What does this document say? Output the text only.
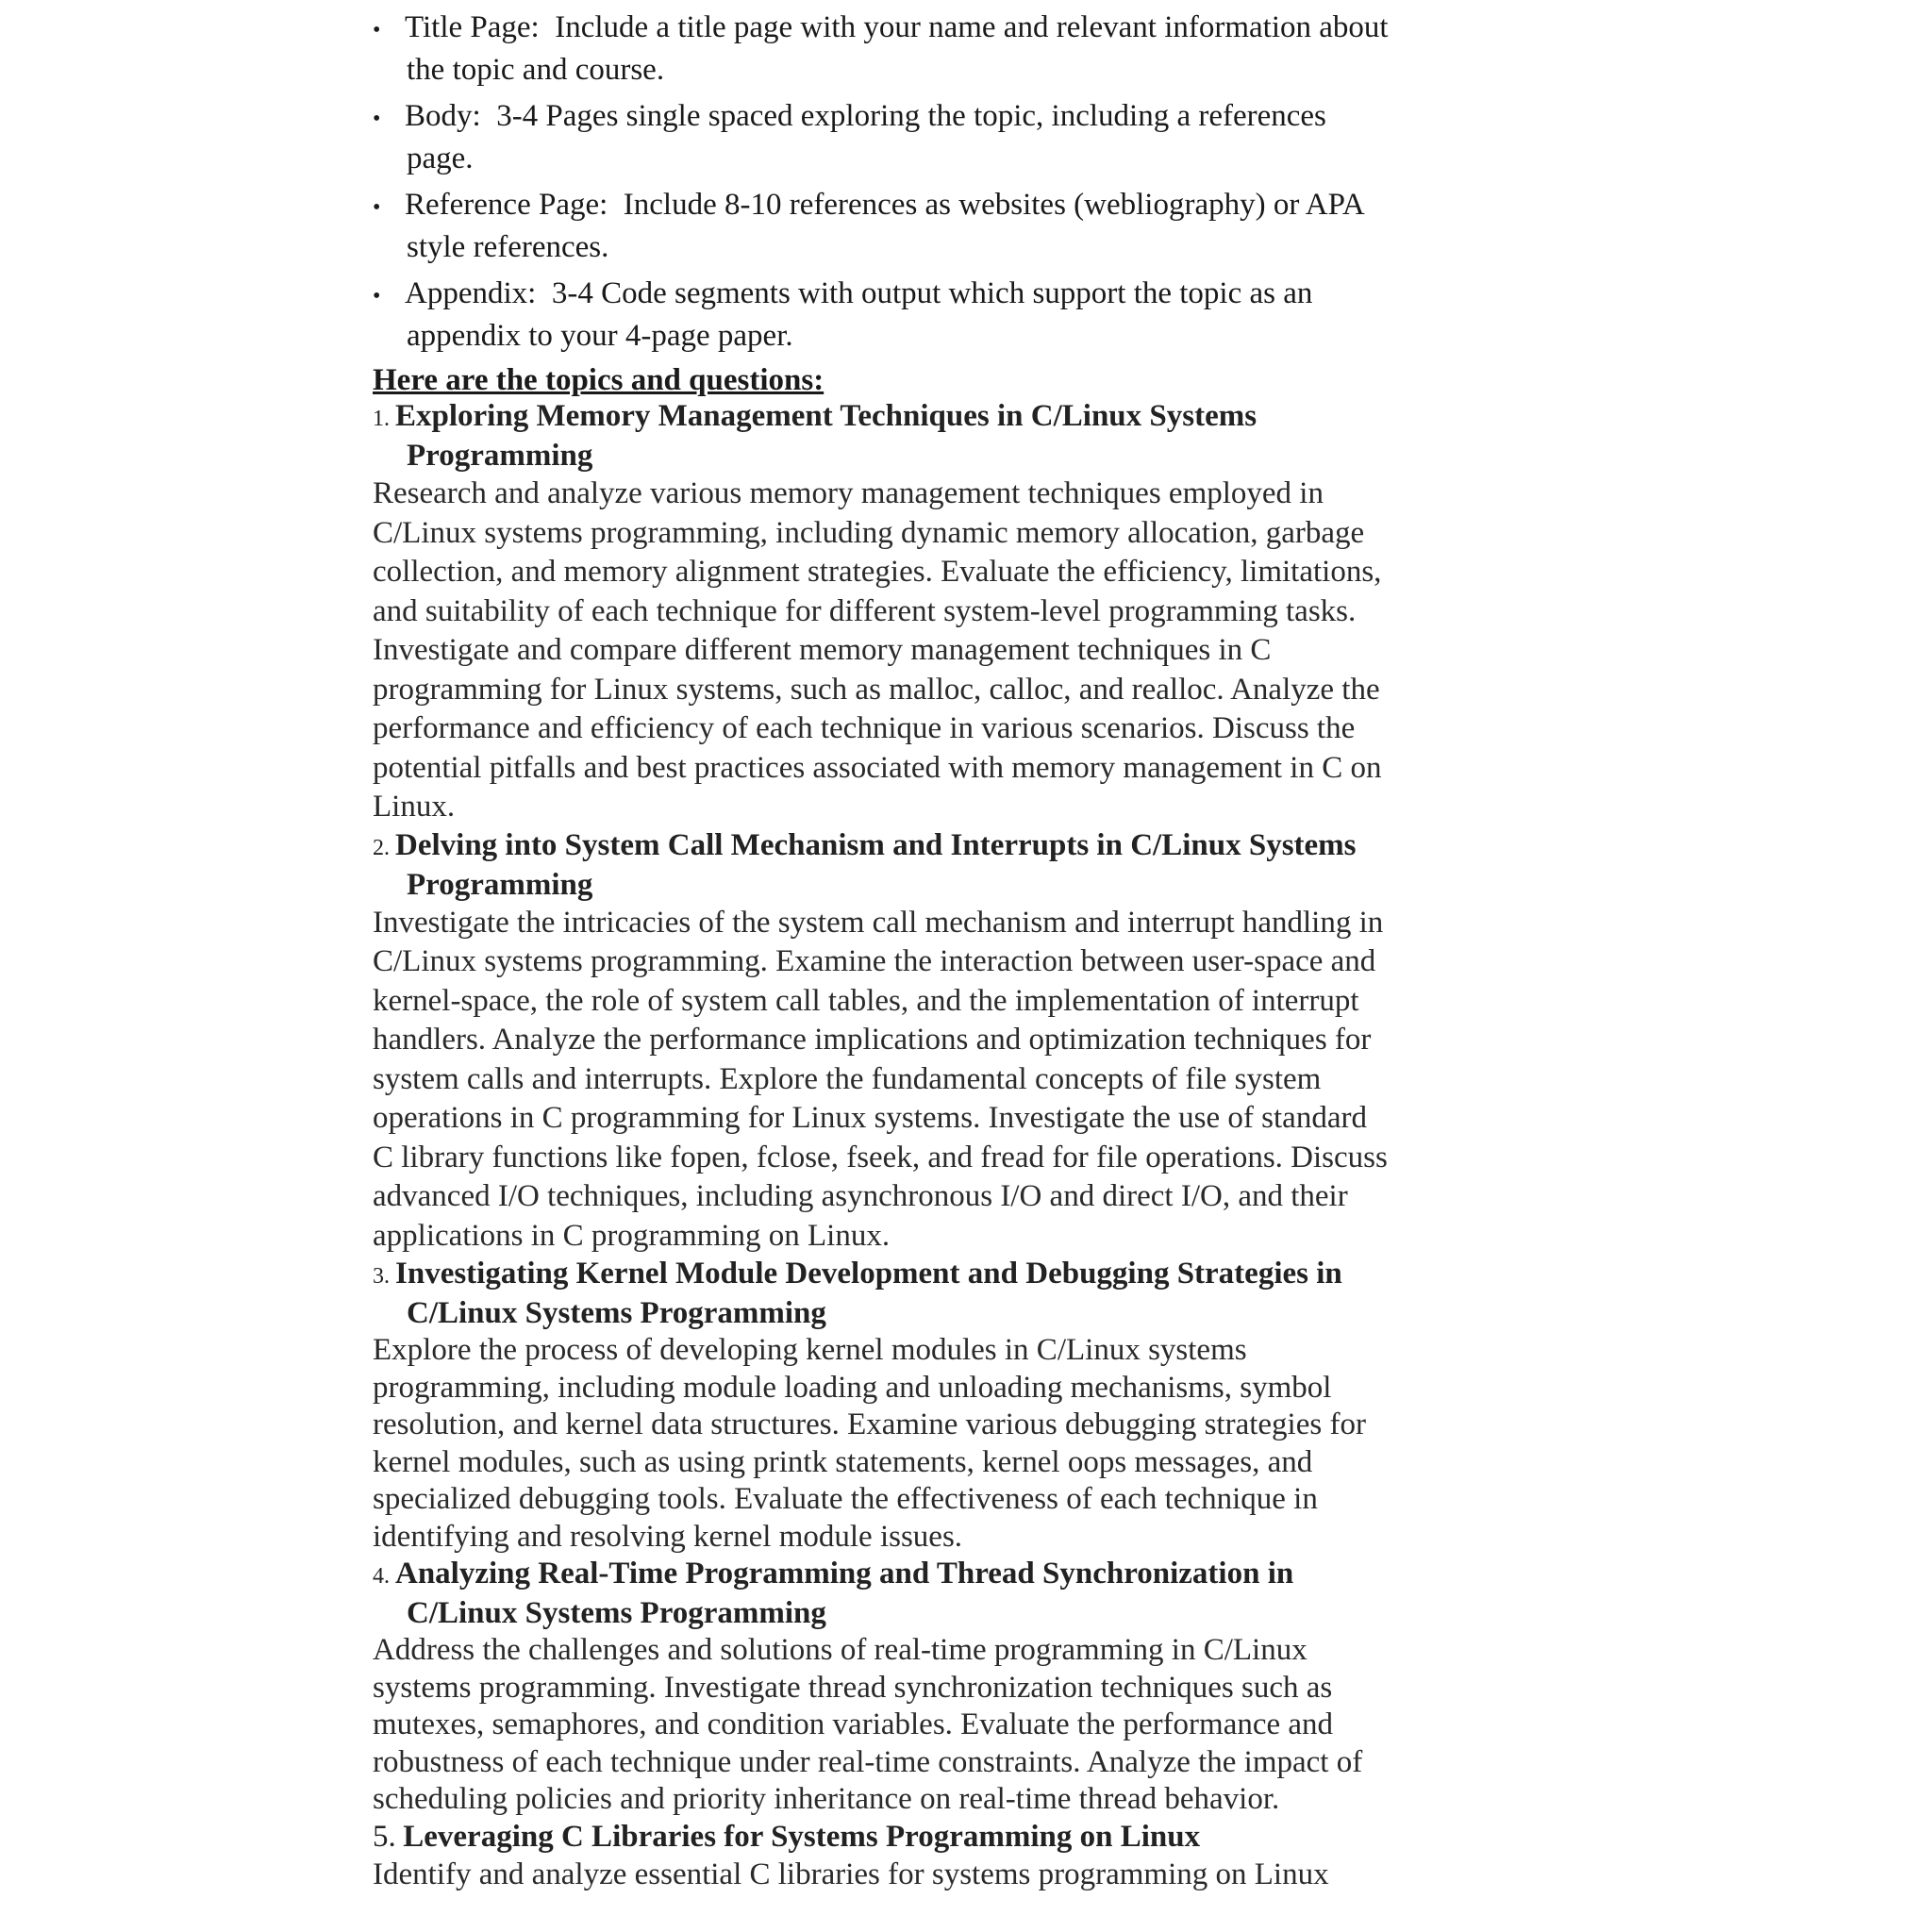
• Title Page: Include a title page with your name and relevant information about the topic and course.

• Body: 3-4 Pages single spaced exploring the topic, including a references page.

• Reference Page: Include 8-10 references as websites (webliography) or APA style references.

• Appendix: 3-4 Code segments with output which support the topic as an appendix to your 4-page paper.

Here are the topics and questions:

1. Exploring Memory Management Techniques in C/Linux Systems Programming

Research and analyze various memory management techniques employed in C/Linux systems programming, including dynamic memory allocation, garbage collection, and memory alignment strategies. Evaluate the efficiency, limitations, and suitability of each technique for different system-level programming tasks. Investigate and compare different memory management techniques in C programming for Linux systems, such as malloc, calloc, and realloc. Analyze the performance and efficiency of each technique in various scenarios. Discuss the potential pitfalls and best practices associated with memory management in C on Linux.

2. Delving into System Call Mechanism and Interrupts in C/Linux Systems Programming

Investigate the intricacies of the system call mechanism and interrupt handling in C/Linux systems programming. Examine the interaction between user-space and kernel-space, the role of system call tables, and the implementation of interrupt handlers. Analyze the performance implications and optimization techniques for system calls and interrupts. Explore the fundamental concepts of file system operations in C programming for Linux systems. Investigate the use of standard C library functions like fopen, fclose, fseek, and fread for file operations. Discuss advanced I/O techniques, including asynchronous I/O and direct I/O, and their applications in C programming on Linux.

3. Investigating Kernel Module Development and Debugging Strategies in C/Linux Systems Programming

Explore the process of developing kernel modules in C/Linux systems programming, including module loading and unloading mechanisms, symbol resolution, and kernel data structures. Examine various debugging strategies for kernel modules, such as using printk statements, kernel oops messages, and specialized debugging tools. Evaluate the effectiveness of each technique in identifying and resolving kernel module issues.

4. Analyzing Real-Time Programming and Thread Synchronization in C/Linux Systems Programming

Address the challenges and solutions of real-time programming in C/Linux systems programming. Investigate thread synchronization techniques such as mutexes, semaphores, and condition variables. Evaluate the performance and robustness of each technique under real-time constraints. Analyze the impact of scheduling policies and priority inheritance on real-time thread behavior.

5. Leveraging C Libraries for Systems Programming on Linux

Identify and analyze essential C libraries for systems programming on Linux
